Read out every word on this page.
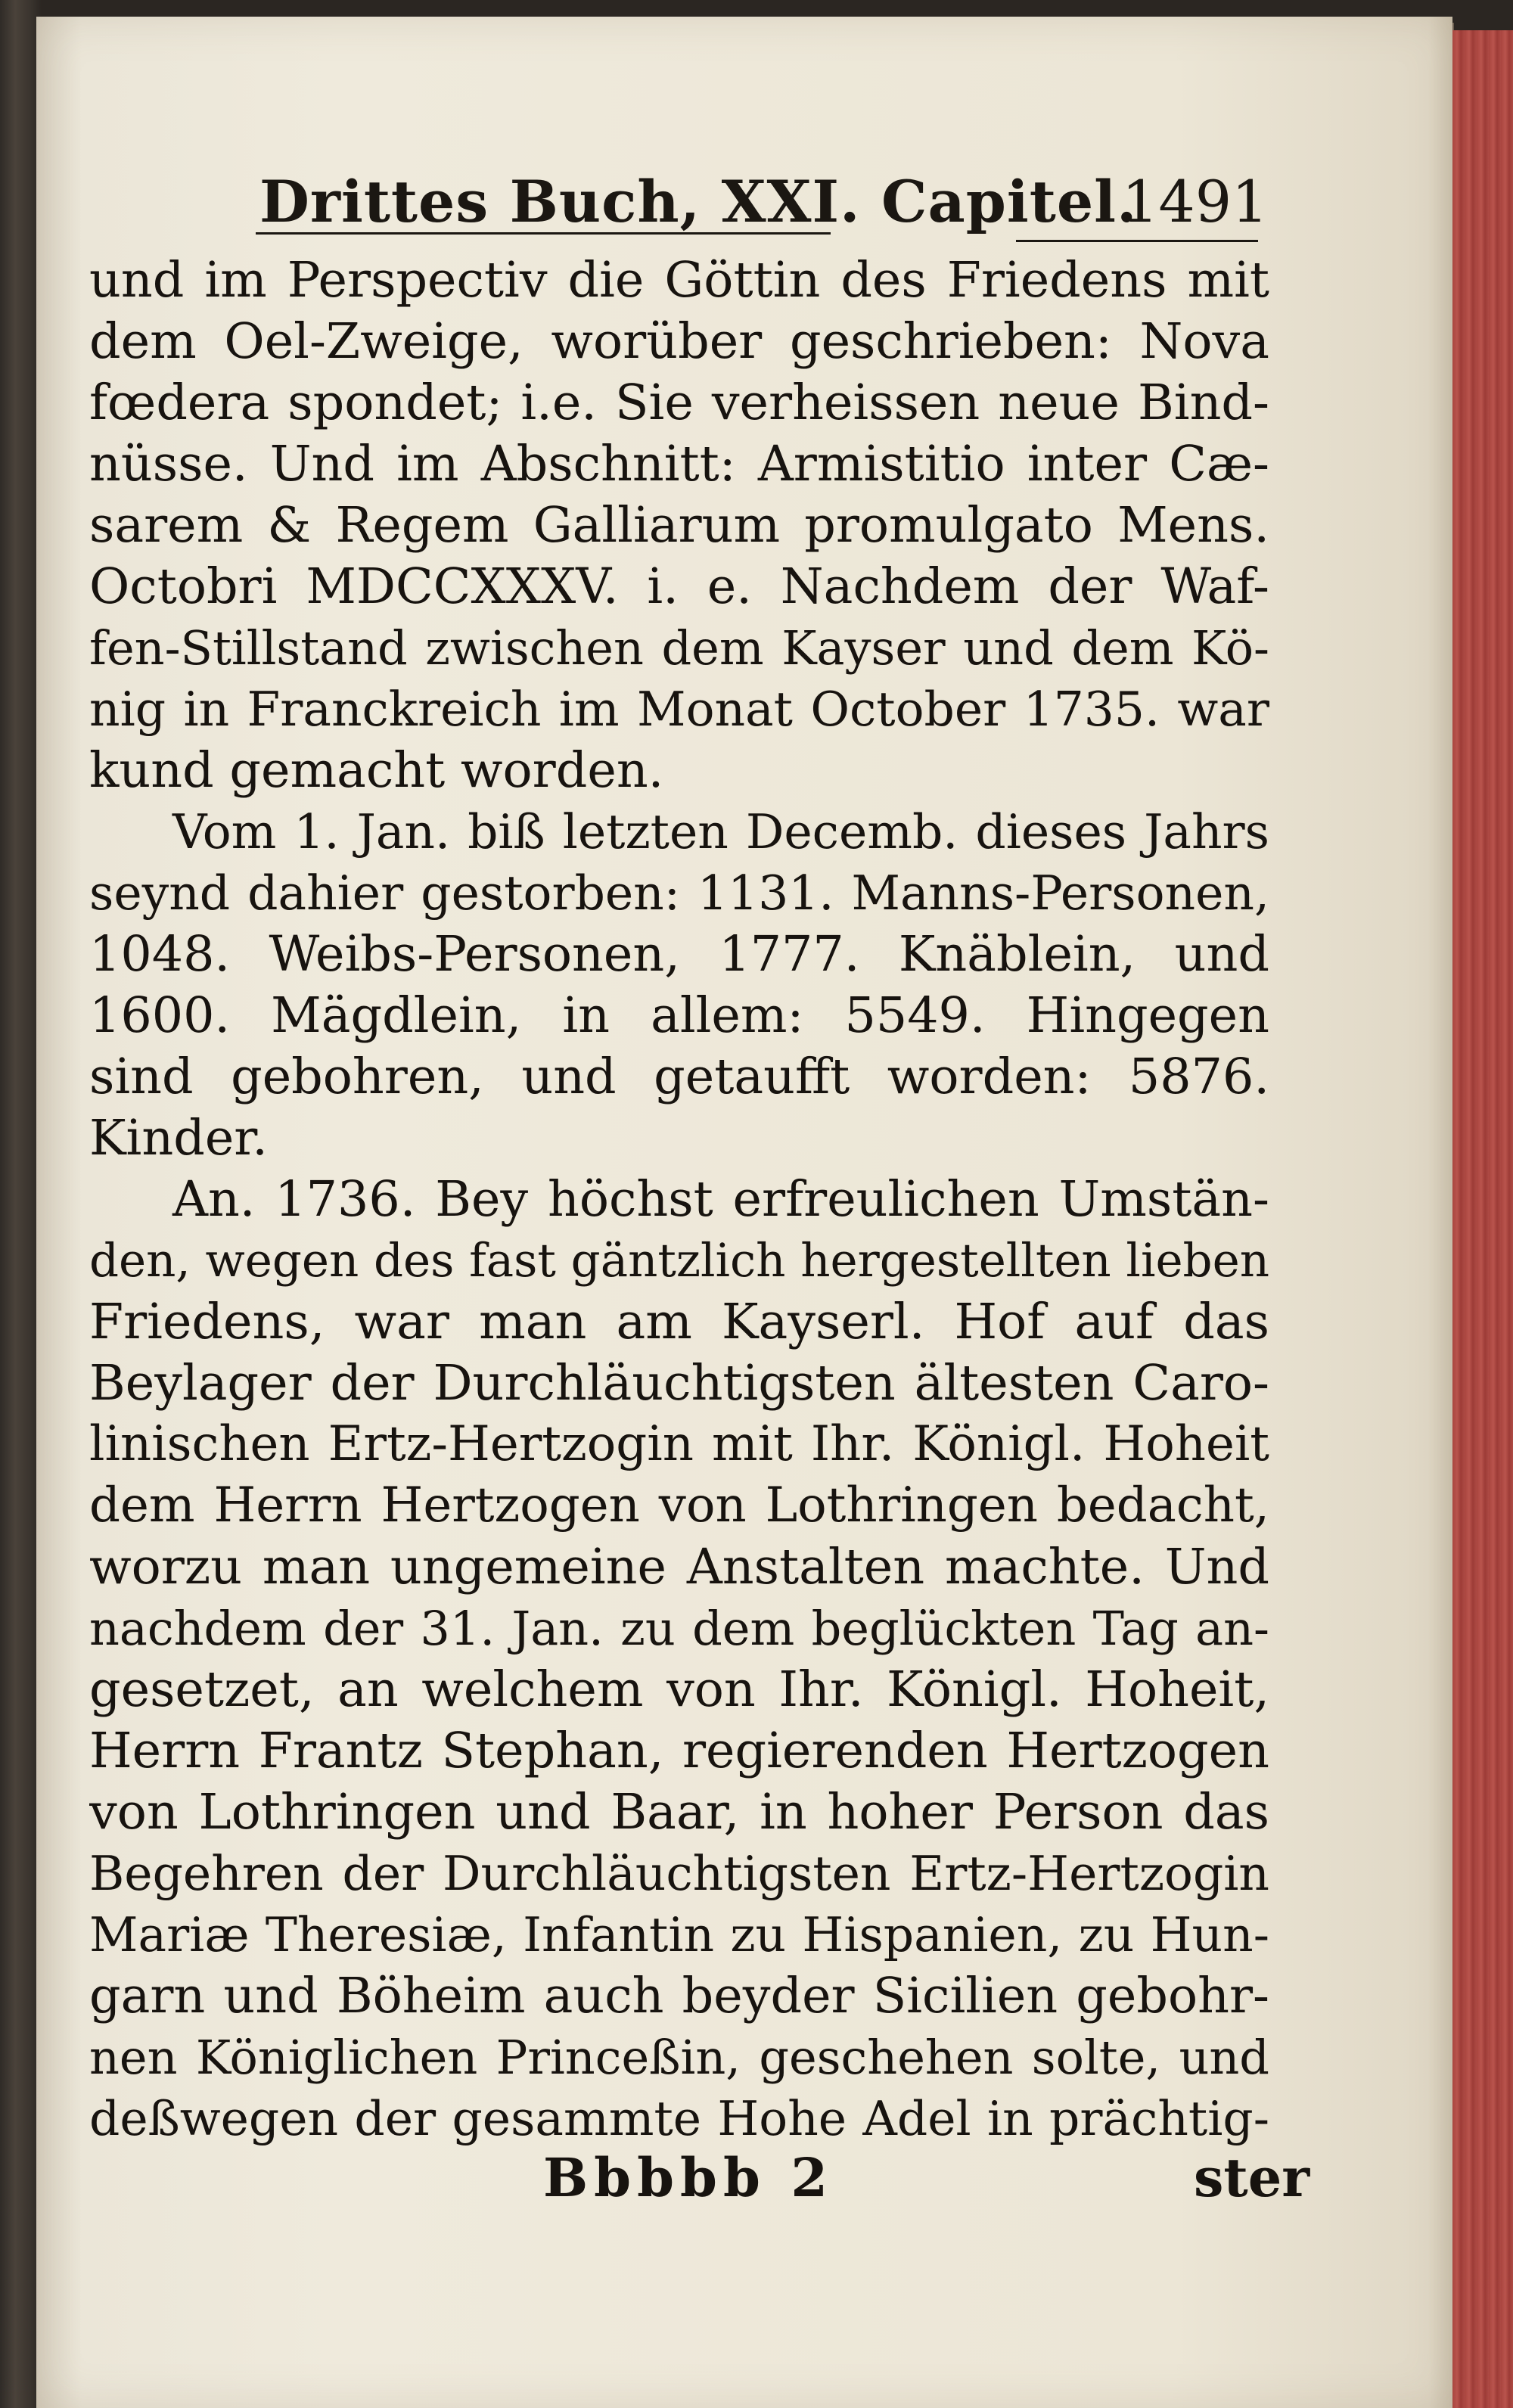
Drittes Buch, XXI. Capitel.
1491
und im Perspectiv die Göttin des Friedens mit
dem Oel-Zweige, worüber geschrieben: Nova
fœdera spondet; i.e. Sie verheissen neue Bind-
nüsse. Und im Abschnitt: Armistitio inter Cæ-
sarem & Regem Galliarum promulgato Mens.
Octobri MDCCXXXV. i. e. Nachdem der Waf-
fen-Stillstand zwischen dem Kayser und dem Kö-
nig in Franckreich im Monat October 1735. war
kund gemacht worden.
Vom 1. Jan. biß letzten Decemb. dieses Jahrs
seynd dahier gestorben: 1131. Manns-Personen,
1048. Weibs-Personen, 1777. Knäblein, und
1600. Mägdlein, in allem: 5549. Hingegen
sind gebohren, und getaufft worden: 5876.
Kinder.
An. 1736. Bey höchst erfreulichen Umstän-
den, wegen des fast gäntzlich hergestellten lieben
Friedens, war man am Kayserl. Hof auf das
Beylager der Durchläuchtigsten ältesten Caro-
linischen Ertz-Hertzogin mit Ihr. Königl. Hoheit
dem Herrn Hertzogen von Lothringen bedacht,
worzu man ungemeine Anstalten machte. Und
nachdem der 31. Jan. zu dem beglückten Tag an-
gesetzet, an welchem von Ihr. Königl. Hoheit,
Herrn Frantz Stephan, regierenden Hertzogen
von Lothringen und Baar, in hoher Person das
Begehren der Durchläuchtigsten Ertz-Hertzogin
Mariæ Theresiæ, Infantin zu Hispanien, zu Hun-
garn und Böheim auch beyder Sicilien gebohr-
nen Königlichen Princeßin, geschehen solte, und
deßwegen der gesammte Hohe Adel in prächtig-
Bbbbb 2	ster
